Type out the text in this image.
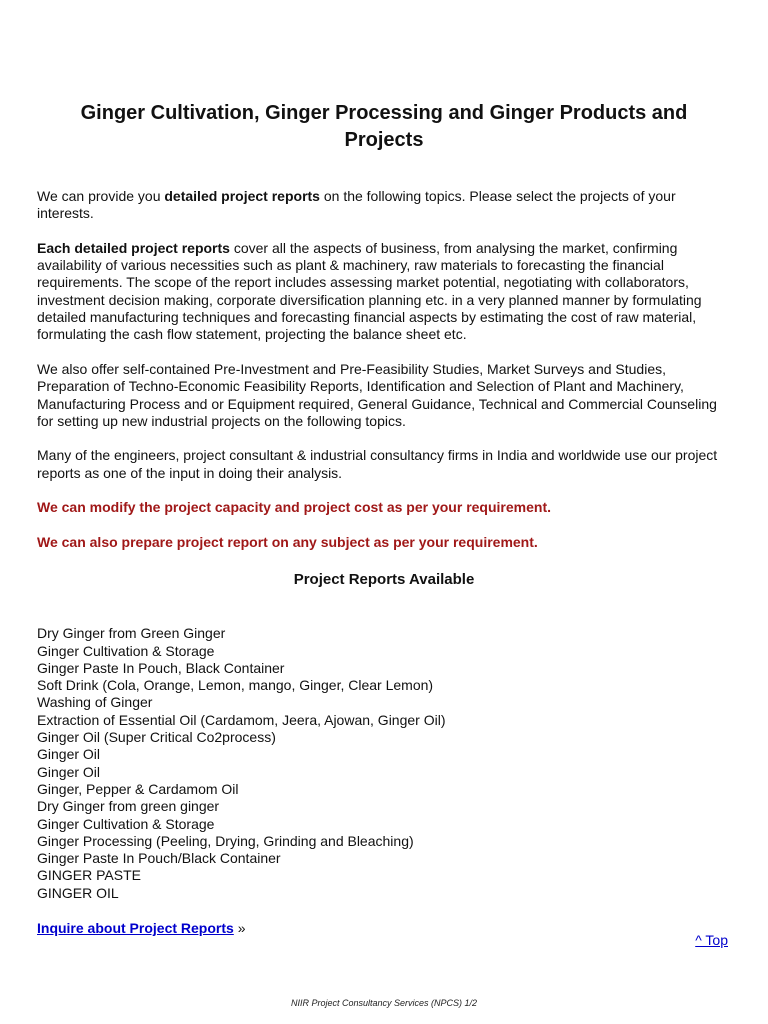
Ginger Cultivation, Ginger Processing and Ginger Products and Projects

We can provide you detailed project reports on the following topics. Please select the projects of your interests.

Each detailed project reports cover all the aspects of business, from analysing the market, confirming availability of various necessities such as plant & machinery, raw materials to forecasting the financial requirements. The scope of the report includes assessing market potential, negotiating with collaborators, investment decision making, corporate diversification planning etc. in a very planned manner by formulating detailed manufacturing techniques and forecasting financial aspects by estimating the cost of raw material, formulating the cash flow statement, projecting the balance sheet etc.

We also offer self-contained Pre-Investment and Pre-Feasibility Studies, Market Surveys and Studies, Preparation of Techno-Economic Feasibility Reports, Identification and Selection of Plant and Machinery, Manufacturing Process and or Equipment required, General Guidance, Technical and Commercial Counseling for setting up new industrial projects on the following topics.

Many of the engineers, project consultant & industrial consultancy firms in India and worldwide use our project reports as one of the input in doing their analysis.

We can modify the project capacity and project cost as per your requirement.

We can also prepare project report on any subject as per your requirement.

Project Reports Available
Dry Ginger from Green Ginger
Ginger Cultivation & Storage
Ginger Paste In Pouch, Black Container
Soft Drink (Cola, Orange, Lemon, mango, Ginger, Clear Lemon)
Washing of Ginger
Extraction of Essential Oil (Cardamom, Jeera, Ajowan, Ginger Oil)
Ginger Oil (Super Critical Co2process)
Ginger Oil
Ginger Oil
Ginger, Pepper & Cardamom Oil
Dry Ginger from green ginger
Ginger Cultivation & Storage
Ginger Processing (Peeling, Drying, Grinding and Bleaching)
Ginger Paste In Pouch/Black Container
GINGER PASTE
GINGER OIL
Inquire about Project Reports »
^ Top
NIIR Project Consultancy Services (NPCS) 1/2
